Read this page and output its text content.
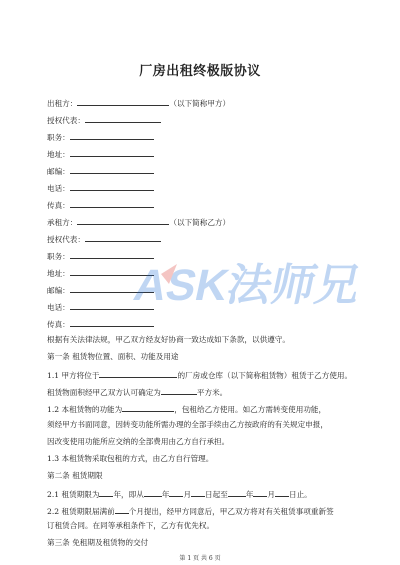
厂房出租终极版协议
出租方：	（以下简称甲方）
授权代表：
职务：
地址：
邮编：
电话：
传真：
承租方：	（以下简称乙方）
授权代表：
职务：
地址：
邮编：
电话：
传真：
根据有关法律法规，甲乙双方经友好协商一致达成如下条款，以供遵守。
第一条 租赁物位置、面积、功能及用途
1.1 甲方将位于	的厂房或仓库（以下简称租赁物）租赁于乙方使用。
租赁物面积经甲乙双方认可确定为	平方米。
1.2 本租赁物的功能为	，包租给乙方使用。如乙方需转变使用功能，
须经甲方书面同意，因转变功能所需办理的全部手续由乙方按政府的有关规定申报，
因改变使用功能所应交纳的全部费用由乙方自行承担。
1.3 本租赁物采取包租的方式，由乙方自行管理。
第二条 租赁期限
2.1 租赁期限为 年，即从 年 月 日起至 年 月 日止。
2.2 租赁期限届满前 个月提出，经甲方同意后，甲乙双方将对有关租赁事项重新签
订租赁合同。在同等承租条件下，乙方有优先权。
第三条 免租期及租赁物的交付
第 1 页 共 6 页
ASK法师兄
